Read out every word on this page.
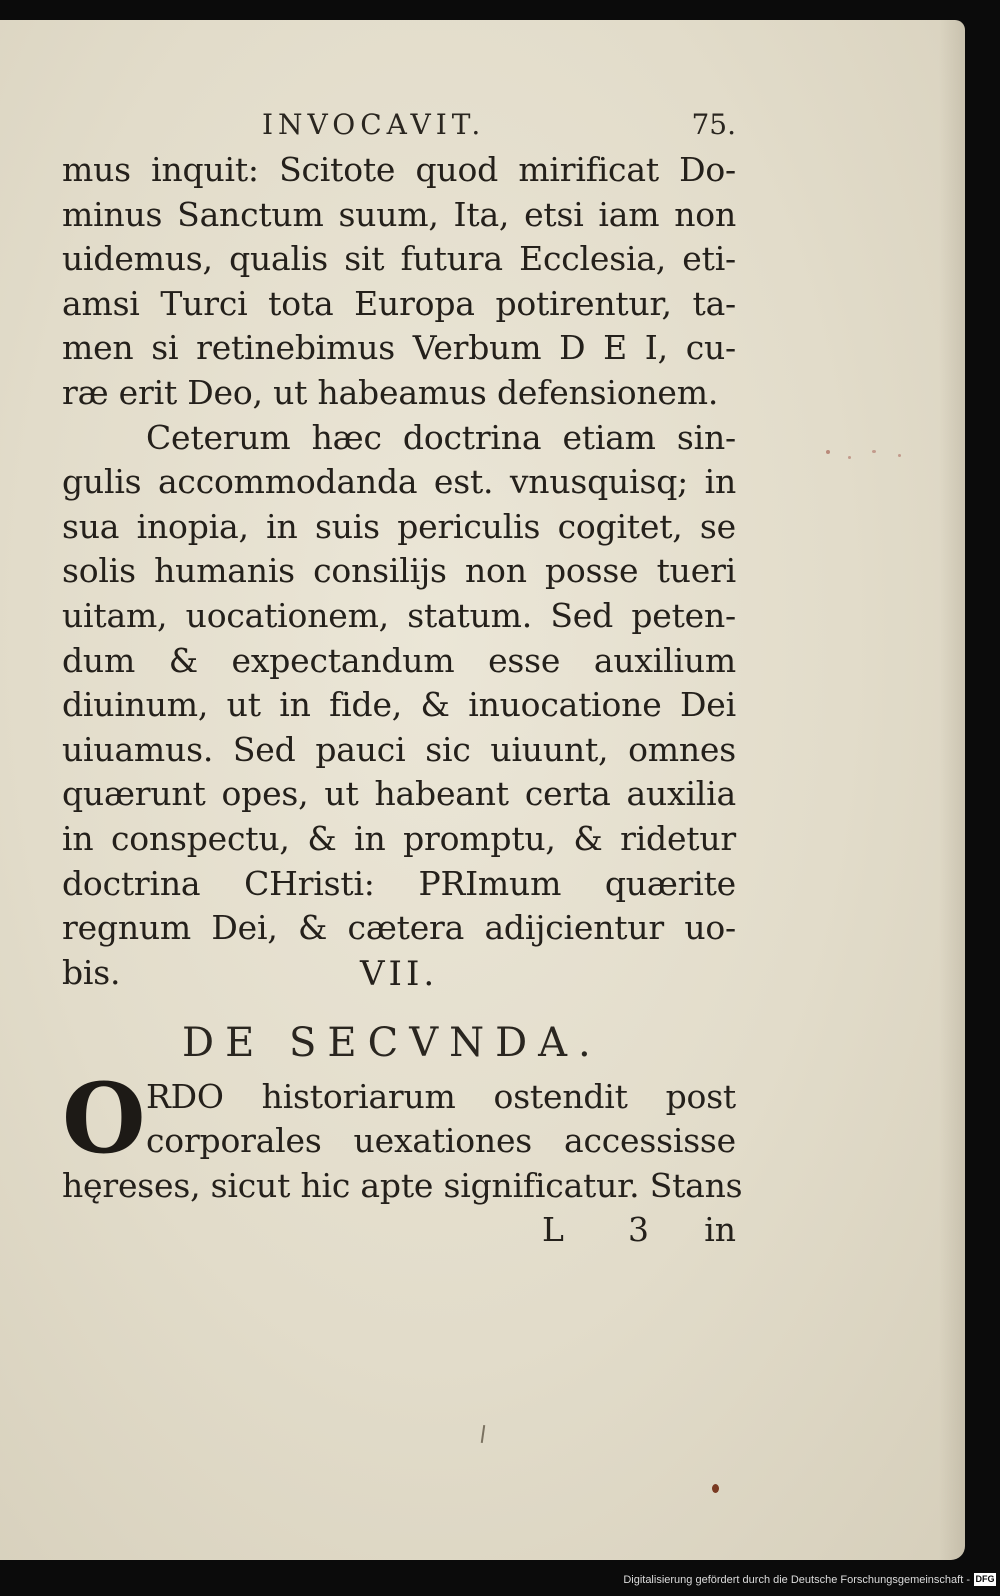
INVOCAVIT.	75.
mus inquit: Scitote quod mirificat Do-
minus Sanctum suum, Ita, etsi iam non
uidemus, qualis sit futura Ecclesia, eti-
amsi Turci tota Europa potirentur, ta-
men si retinebimus Verbum D E I, cu-
ræ erit Deo, ut habeamus defensionem.
Ceterum hæc doctrina etiam sin-
gulis accommodanda est. vnusquisq; in
sua inopia, in suis periculis cogitet, se
solis humanis consilijs non posse tueri
uitam, uocationem, statum. Sed peten-
dum & expectandum esse auxilium
diuinum, ut in fide, & inuocatione Dei
uiuamus. Sed pauci sic uiuunt, omnes
quærunt opes, ut habeant certa auxilia
in conspectu, & in promptu, & ridetur
doctrina CHristi: PRImum quærite
regnum Dei, & cætera adijcientur uo-
bis.	VII.
DE SECVNDA.
O RDO historiarum ostendit post
corporales uexationes accessisse
hęreses, sicut hic apte significatur. Stans
L 3 in
Digitalisierung gefördert durch die Deutsche Forschungsgemeinschaft - DFG
